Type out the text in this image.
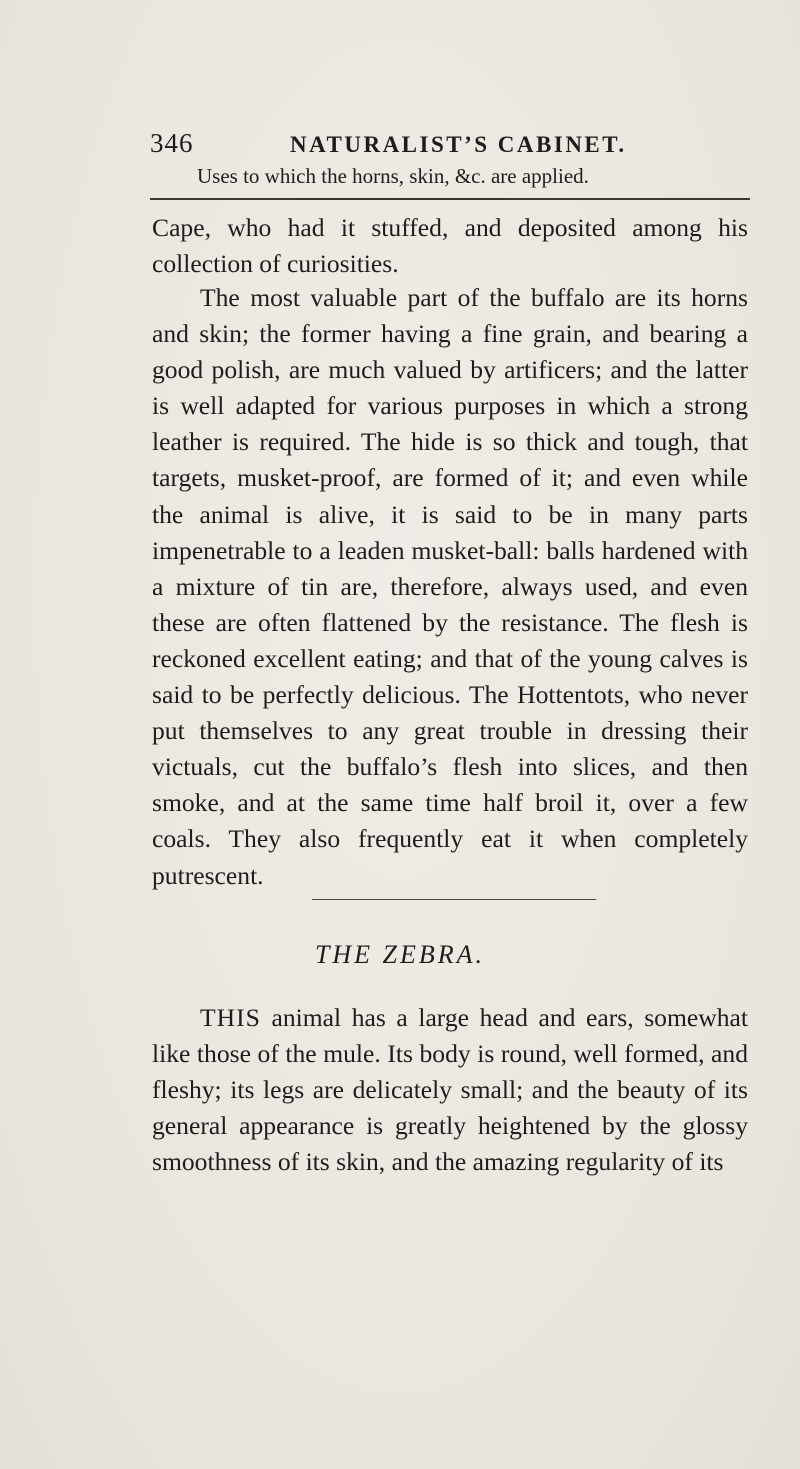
346	NATURALIST’S CABINET.
Uses to which the horns, skin, &c. are applied.

Cape, who had it stuffed, and deposited among his collection of curiosities.

The most valuable part of the buffalo are its horns and skin; the former having a fine grain, and bearing a good polish, are much valued by artificers; and the latter is well adapted for various purposes in which a strong leather is required. The hide is so thick and tough, that targets, musket-proof, are formed of it; and even while the animal is alive, it is said to be in many parts impenetrable to a leaden musket-ball: balls hardened with a mixture of tin are, therefore, always used, and even these are often flattened by the resistance. The flesh is reckoned excellent eating; and that of the young calves is said to be perfectly delicious. The Hottentots, who never put themselves to any great trouble in dressing their victuals, cut the buffalo’s flesh into slices, and then smoke, and at the same time half broil it, over a few coals. They also frequently eat it when completely putrescent.

THE ZEBRA.

THIS animal has a large head and ears, somewhat like those of the mule. Its body is round, well formed, and fleshy; its legs are delicately small; and the beauty of its general appearance is greatly heightened by the glossy smoothness of its skin, and the amazing regularity of its
